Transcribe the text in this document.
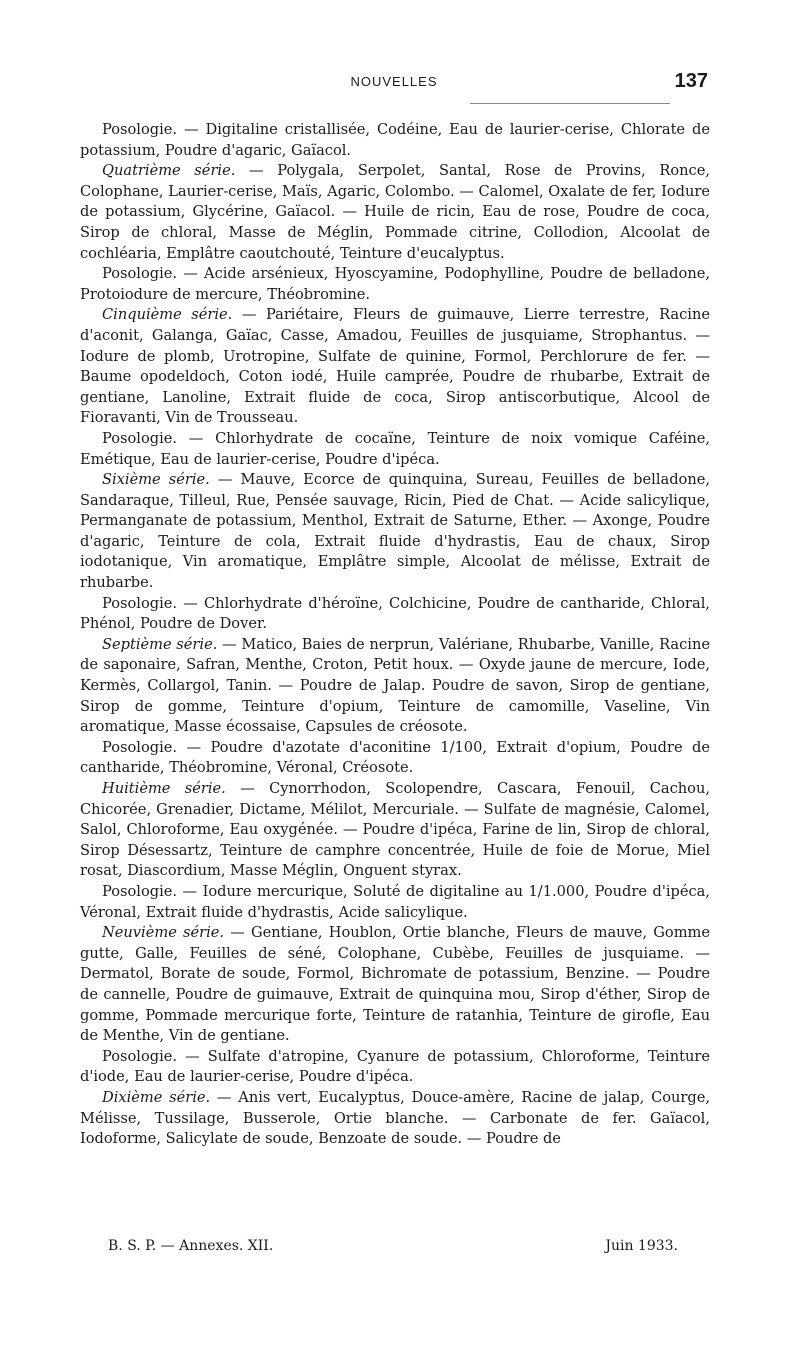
NOUVELLES	137

Posologie. — Digitaline cristallisée, Codéine, Eau de laurier-cerise, Chlorate de potassium, Poudre d'agaric, Gaïacol.

Quatrième série. — Polygala, Serpolet, Santal, Rose de Provins, Ronce, Colophane, Laurier-cerise, Maïs, Agaric, Colombo. — Calomel, Oxalate de fer, Iodure de potassium, Glycérine, Gaïacol. — Huile de ricin, Eau de rose, Poudre de coca, Sirop de chloral, Masse de Méglin, Pommade citrine, Collodion, Alcoolat de cochléaria, Emplâtre caoutchouté, Teinture d'eucalyptus.

Posologie. — Acide arsénieux, Hyoscyamine, Podophylline, Poudre de belladone, Protoiodure de mercure, Théobromine.

Cinquième série. — Pariétaire, Fleurs de guimauve, Lierre terrestre, Racine d'aconit, Galanga, Gaïac, Casse, Amadou, Feuilles de jusquiame, Strophantus. — Iodure de plomb, Urotropine, Sulfate de quinine, Formol, Perchlorure de fer. — Baume opodeldoch, Coton iodé, Huile camprée, Poudre de rhubarbe, Extrait de gentiane, Lanoline, Extrait fluide de coca, Sirop antiscorbutique, Alcool de Fioravanti, Vin de Trousseau.

Posologie. — Chlorhydrate de cocaïne, Teinture de noix vomique Caféine, Emétique, Eau de laurier-cerise, Poudre d'ipéca.

Sixième série. — Mauve, Ecorce de quinquina, Sureau, Feuilles de belladone, Sandaraque, Tilleul, Rue, Pensée sauvage, Ricin, Pied de Chat. — Acide salicylique, Permanganate de potassium, Menthol, Extrait de Saturne, Ether. — Axonge, Poudre d'agaric, Teinture de cola, Extrait fluide d'hydrastis, Eau de chaux, Sirop iodotanique, Vin aromatique, Emplâtre simple, Alcoolat de mélisse, Extrait de rhubarbe.

Posologie. — Chlorhydrate d'héroïne, Colchicine, Poudre de cantharide, Chloral, Phénol, Poudre de Dover.

Septième série. — Matico, Baies de nerprun, Valériane, Rhubarbe, Vanille, Racine de saponaire, Safran, Menthe, Croton, Petit houx. — Oxyde jaune de mercure, Iode, Kermès, Collargol, Tanin. — Poudre de Jalap. Poudre de savon, Sirop de gentiane, Sirop de gomme, Teinture d'opium, Teinture de camomille, Vaseline, Vin aromatique, Masse écossaise, Capsules de créosote.

Posologie. — Poudre d'azotate d'aconitine 1/100, Extrait d'opium, Poudre de cantharide, Théobromine, Véronal, Créosote.

Huitième série. — Cynorrhodon, Scolopendre, Cascara, Fenouil, Cachou, Chicorée, Grenadier, Dictame, Mélilot, Mercuriale. — Sulfate de magnésie, Calomel, Salol, Chloroforme, Eau oxygénée. — Poudre d'ipéca, Farine de lin, Sirop de chloral, Sirop Désessartz, Teinture de camphre concentrée, Huile de foie de Morue, Miel rosat, Diascordium, Masse Méglin, Onguent styrax.

Posologie. — Iodure mercurique, Soluté de digitaline au 1/1.000, Poudre d'ipéca, Véronal, Extrait fluide d'hydrastis, Acide salicylique.

Neuvième série. — Gentiane, Houblon, Ortie blanche, Fleurs de mauve, Gomme gutte, Galle, Feuilles de séné, Colophane, Cubèbe, Feuilles de jusquiame. — Dermatol, Borate de soude, Formol, Bichromate de potassium, Benzine. — Poudre de cannelle, Poudre de guimauve, Extrait de quinquina mou, Sirop d'éther, Sirop de gomme, Pommade mercurique forte, Teinture de ratanhia, Teinture de girofle, Eau de Menthe, Vin de gentiane.

Posologie. — Sulfate d'atropine, Cyanure de potassium, Chloroforme, Teinture d'iode, Eau de laurier-cerise, Poudre d'ipéca.

Dixième série. — Anis vert, Eucalyptus, Douce-amère, Racine de jalap, Courge, Mélisse, Tussilage, Busserole, Ortie blanche. — Carbonate de fer. Gaïacol, Iodoforme, Salicylate de soude, Benzoate de soude. — Poudre de

B. S. P. — Annexes. XII.	Juin 1933.
